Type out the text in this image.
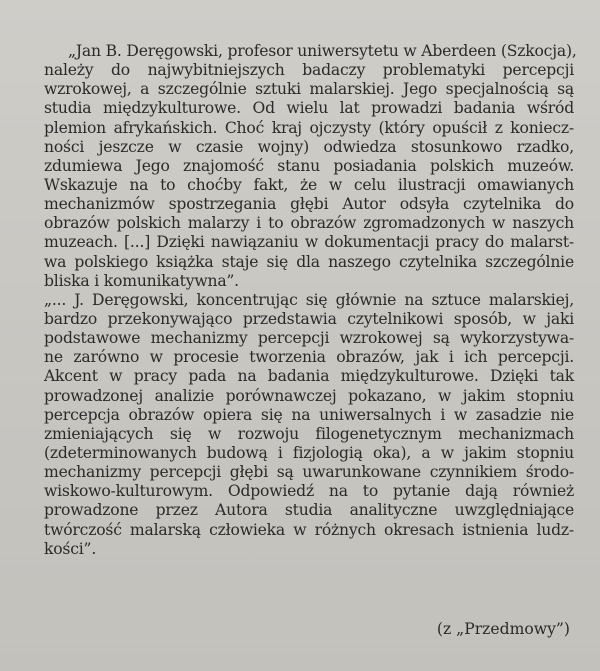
„Jan B. Deręgowski, profesor uniwersytetu w Aberdeen (Szkocja),
należy do najwybitniejszych badaczy problematyki percepcji
wzrokowej, a szczególnie sztuki malarskiej. Jego specjalnością są
studia międzykulturowe. Od wielu lat prowadzi badania wśród
plemion afrykańskich. Choć kraj ojczysty (który opuścił z koniecz-
ności jeszcze w czasie wojny) odwiedza stosunkowo rzadko,
zdumiewa Jego znajomość stanu posiadania polskich muzeów.
Wskazuje na to choćby fakt, że w celu ilustracji omawianych
mechanizmów spostrzegania głębi Autor odsyła czytelnika do
obrazów polskich malarzy i to obrazów zgromadzonych w naszych
muzeach. [...] Dzięki nawiązaniu w dokumentacji pracy do malarst-
wa polskiego książka staje się dla naszego czytelnika szczególnie
bliska i komunikatywna”.
„... J. Deręgowski, koncentrując się głównie na sztuce malarskiej,
bardzo przekonywająco przedstawia czytelnikowi sposób, w jaki
podstawowe mechanizmy percepcji wzrokowej są wykorzystywa-
ne zarówno w procesie tworzenia obrazów, jak i ich percepcji.
Akcent w pracy pada na badania międzykulturowe. Dzięki tak
prowadzonej analizie porównawczej pokazano, w jakim stopniu
percepcja obrazów opiera się na uniwersalnych i w zasadzie nie
zmieniających się w rozwoju filogenetycznym mechanizmach
(zdeterminowanych budową i fizjologią oka), a w jakim stopniu
mechanizmy percepcji głębi są uwarunkowane czynnikiem środo-
wiskowo-kulturowym. Odpowiedź na to pytanie dają również
prowadzone przez Autora studia analityczne uwzględniające
twórczość malarską człowieka w różnych okresach istnienia ludz-
kości”.
(z „Przedmowy”)
